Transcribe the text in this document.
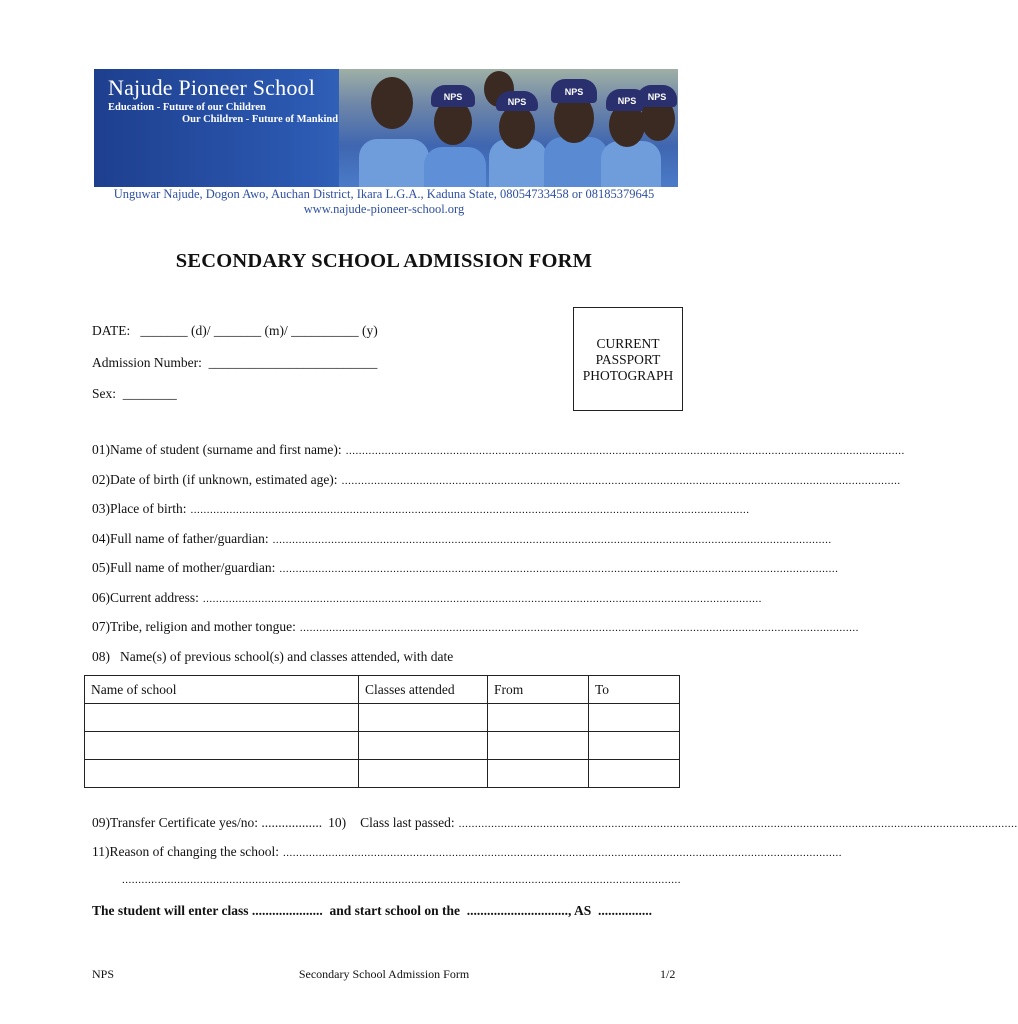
NPS	NPS
NPS
NPS	NPS
Najude Pioneer School
Education - Future of our Children
Our Children - Future of Mankind
Unguwar Najude, Dogon Awo, Auchan District, Ikara L.G.A., Kaduna State, 08054733458 or 08185379645
www.najude-pioneer-school.org
SECONDARY SCHOOL ADMISSION FORM
DATE:   _______ (d)/ _______ (m)/ __________ (y)
Admission Number:  _________________________
Sex:  ________
CURRENT
PASSPORT
PHOTOGRAPH
01) Name of student (surname and first name): ............................................................................................................................................................................
02) Date of birth (if unknown, estimated age): ............................................................................................................................................................................
03) Place of birth: ............................................................................................................................................................................
04) Full name of father/guardian: ............................................................................................................................................................................
05) Full name of mother/guardian: ............................................................................................................................................................................
06) Current address: ............................................................................................................................................................................
07) Tribe, religion and mother tongue: ............................................................................................................................................................................
08) Name(s) of previous school(s) and classes attended, with date
Name of school	Classes attended	From	To

09) Transfer Certificate yes/no: .................. 10)	Class last passed: ............................................................................................................................................................................
11) Reason of changing the school: ............................................................................................................................................................................
............................................................................................................................................................................
The student will enter class .....................  and start school on the  .............................., AS  ................
NPS	Secondary School Admission Form	1/2
